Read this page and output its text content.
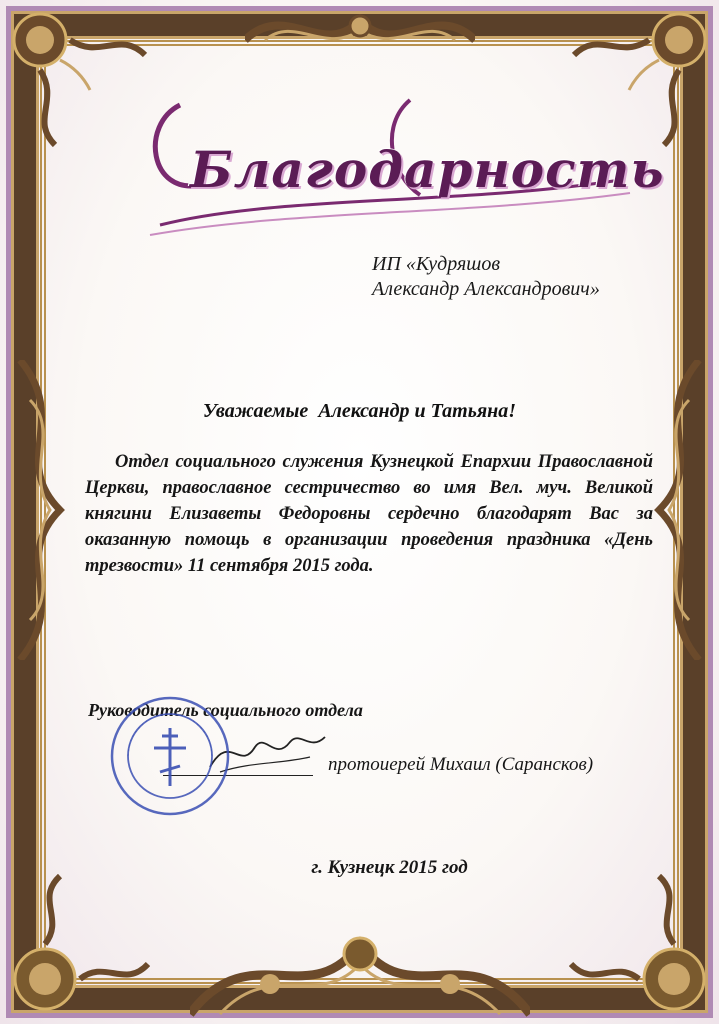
Благодарность
ИП «Кудряшов
Александр Александрович»
Уважаемые  Александр и Татьяна!
Отдел социального служения Кузнецкой Епархии Православной Церкви, православное сестричество во имя Вел. муч. Великой княгини Елизаветы Федоровны сердечно благодарят Вас за оказанную помощь в организации проведения праздника «День трезвости» 11 сентября 2015 года.
Руководитель социального отдела
протоиерей Михаил (Сарансков)
г. Кузнецк 2015 год
